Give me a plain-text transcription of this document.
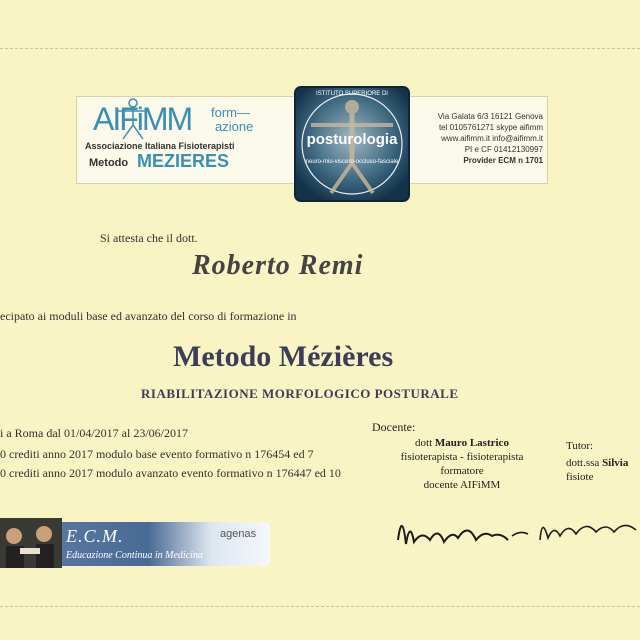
AIFiMM form—
azione
Associazione Italiana Fisioterapisti
Metodo MEZIERES
ISTITUTO SUPERIORE DI
posturologia
neuro-mio-viscero-occluso-fasciale
Via Galata 6/3 16121 Genova
tel 0105761271 skype aifimm
www.aifimm.it info@aifimm.it
PI e CF 01412130997
Provider ECM n 1701
Si attesta che il dott.
Roberto Remi
ecipato ai moduli base ed avanzato del corso di formazione in
Metodo Mézières
RIABILITAZIONE MORFOLOGICO POSTURALE
i a Roma dal 01/04/2017 al 23/06/2017
0 crediti anno 2017 modulo base evento formativo n 176454 ed 7
0 crediti anno 2017 modulo avanzato evento formativo n 176447 ed 10
Docente:
dott Mauro Lastrico
fisioterapista - fisioterapista
formatore
docente AIFiMM
Tutor:
dott.ssa Silvia
fisiote
E.C.M.
Educazione Continua in Medicina
agenas
